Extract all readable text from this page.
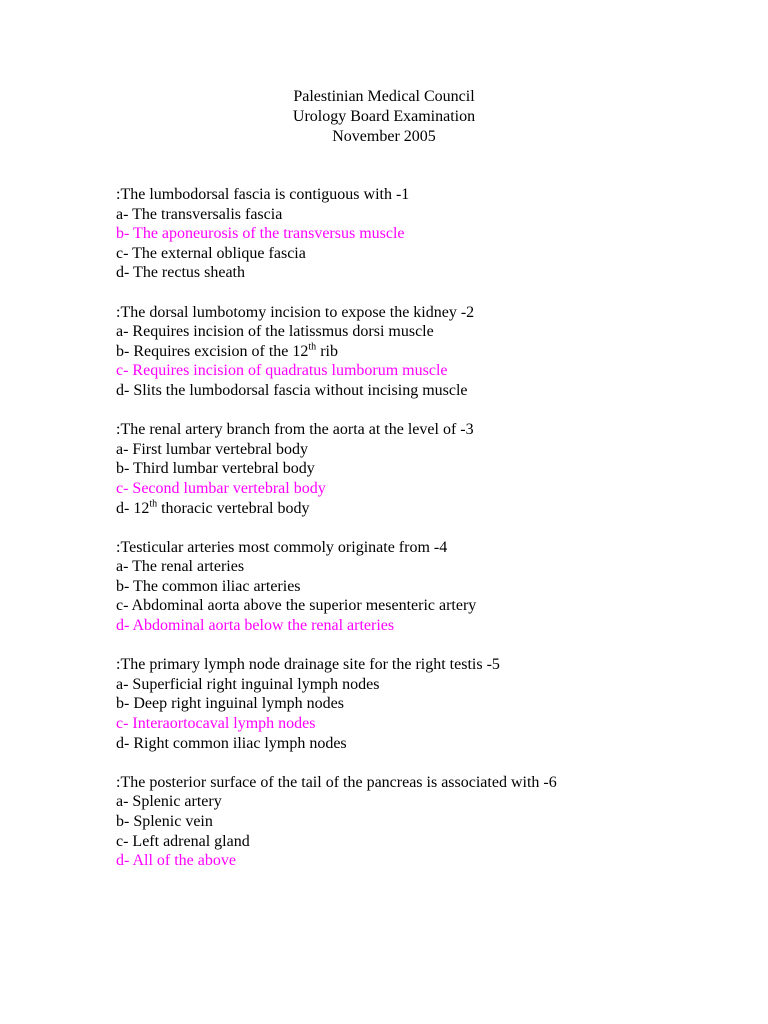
Palestinian Medical Council
Urology Board Examination
November 2005
:The lumbodorsal fascia is contiguous with -1
a- The transversalis fascia
b- The aponeurosis of the transversus muscle
c- The external oblique fascia
d- The rectus sheath
:The dorsal lumbotomy incision to expose the kidney -2
a- Requires incision of the latissmus dorsi muscle
b- Requires excision of the 12th rib
c- Requires incision of quadratus lumborum muscle
d- Slits the lumbodorsal fascia without incising muscle
:The renal artery branch from the aorta at the level of -3
a- First lumbar vertebral body
b- Third lumbar vertebral body
c- Second lumbar vertebral body
d- 12th thoracic vertebral body
:Testicular arteries most commoly originate from -4
a- The renal arteries
b- The common iliac arteries
c- Abdominal aorta above the superior mesenteric artery
d- Abdominal aorta below the renal arteries
:The primary lymph node drainage site for the right testis -5
a- Superficial right inguinal lymph nodes
b- Deep right inguinal lymph nodes
c- Interaortocaval lymph nodes
d- Right common iliac lymph nodes
:The posterior surface of the tail of the pancreas is associated with -6
a- Splenic artery
b- Splenic vein
c- Left adrenal gland
d- All of the above
